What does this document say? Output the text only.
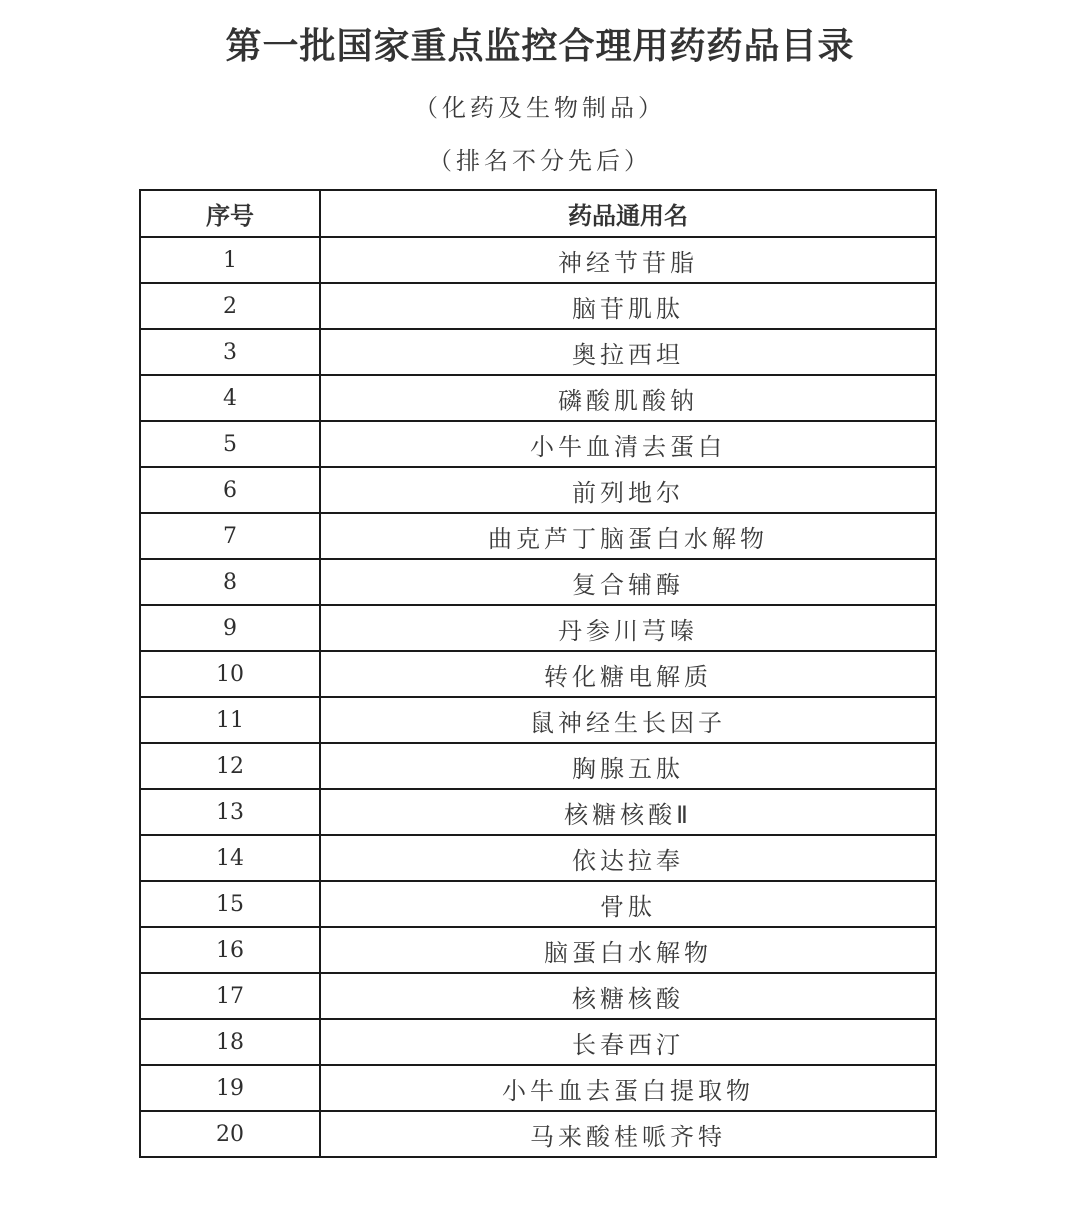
第一批国家重点监控合理用药药品目录
（化药及生物制品）
（排名不分先后）
序号	药品通用名
1	神经节苷脂
2	脑苷肌肽
3	奥拉西坦
4	磷酸肌酸钠
5	小牛血清去蛋白
6	前列地尔
7	曲克芦丁脑蛋白水解物
8	复合辅酶
9	丹参川芎嗪
10	转化糖电解质
11	鼠神经生长因子
12	胸腺五肽
13	核糖核酸Ⅱ
14	依达拉奉
15	骨肽
16	脑蛋白水解物
17	核糖核酸
18	长春西汀
19	小牛血去蛋白提取物
20	马来酸桂哌齐特
